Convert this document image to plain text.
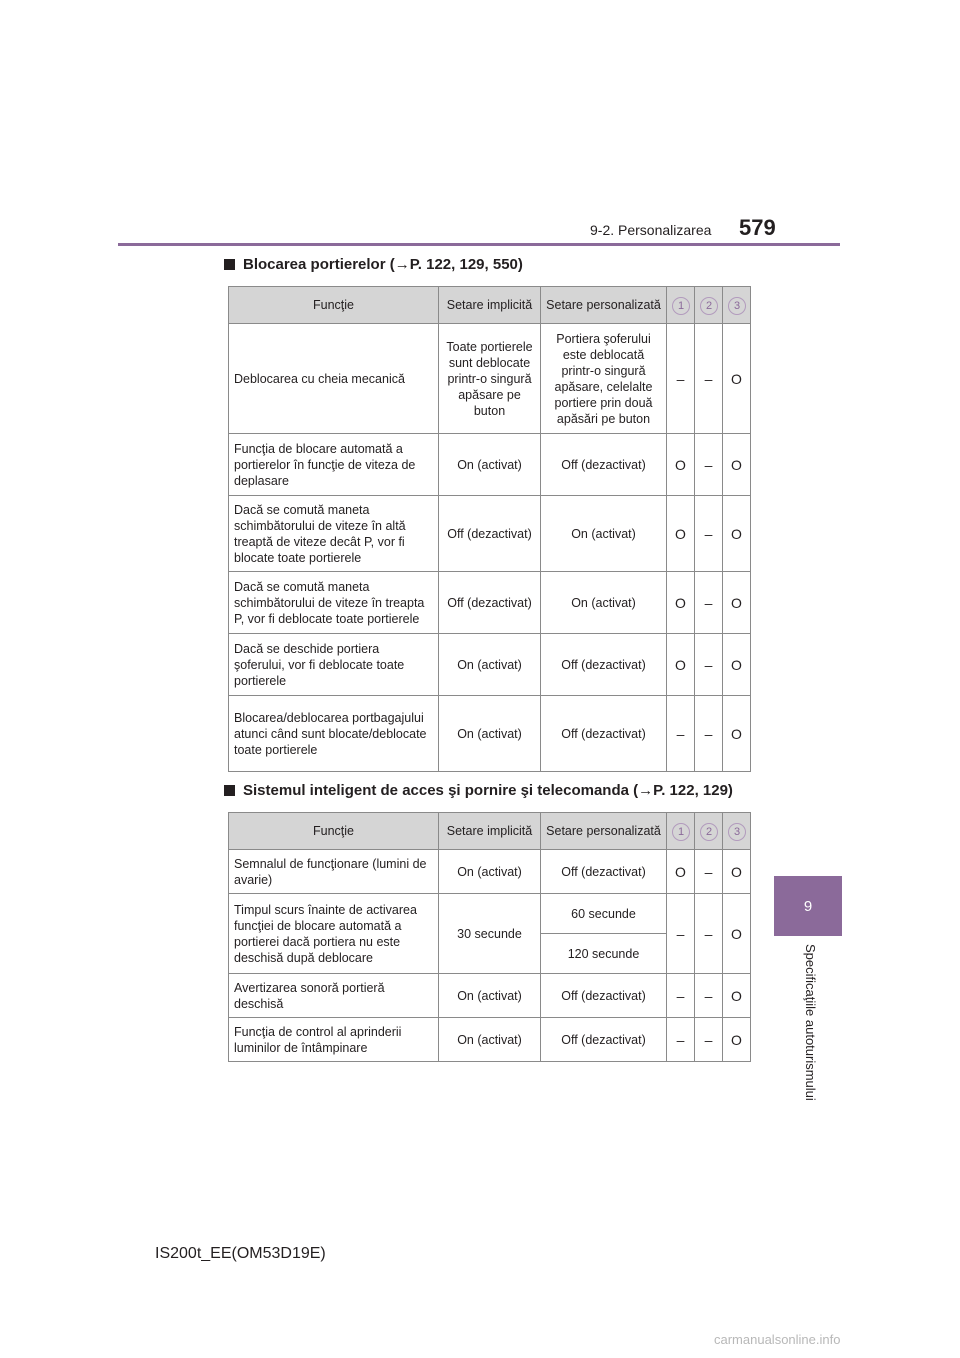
9-2. Personalizarea 579
9
Specificaţiile autoturismului
Blocarea portierelor (→P. 122, 129, 550)
Funcţie	Setare implicită	Setare personalizată	1	2	3
Deblocarea cu cheia mecanică	Toate portierele sunt deblocate printr-o singură apăsare pe buton	Portiera şoferului este deblocată printr-o singură apăsare, celelalte portiere prin două apăsări pe buton	–	–	O
Funcţia de blocare automată a portierelor în funcţie de viteza de deplasare	On (activat)	Off (dezactivat)	O	–	O
Dacă se comută maneta schimbătorului de viteze în altă treaptă de viteze decât P, vor fi blocate toate portierele	Off (dezactivat)	On (activat)	O	–	O
Dacă se comută maneta schimbătorului de viteze în treapta P, vor fi deblocate toate portierele	Off (dezactivat)	On (activat)	O	–	O
Dacă se deschide portiera şoferului, vor fi deblocate toate portierele	On (activat)	Off (dezactivat)	O	–	O
Blocarea/deblocarea portbagajului atunci când sunt blocate/deblocate toate portierele	On (activat)	Off (dezactivat)	–	–	O
Sistemul inteligent de acces şi pornire şi telecomanda (→P. 122, 129)
Funcţie	Setare implicită	Setare personalizată	1	2	3
Semnalul de funcţionare (lumini de avarie)	On (activat)	Off (dezactivat)	O	–	O
Timpul scurs înainte de activarea funcţiei de blocare automată a portierei dacă portiera nu este deschisă după deblocare	30 secunde	60 secunde	–	–	O
		120 secunde			
Avertizarea sonoră portieră deschisă	On (activat)	Off (dezactivat)	–	–	O
Funcţia de control al aprinderii luminilor de întâmpinare	On (activat)	Off (dezactivat)	–	–	O
IS200t_EE(OM53D19E)
carmanualsonline.info
